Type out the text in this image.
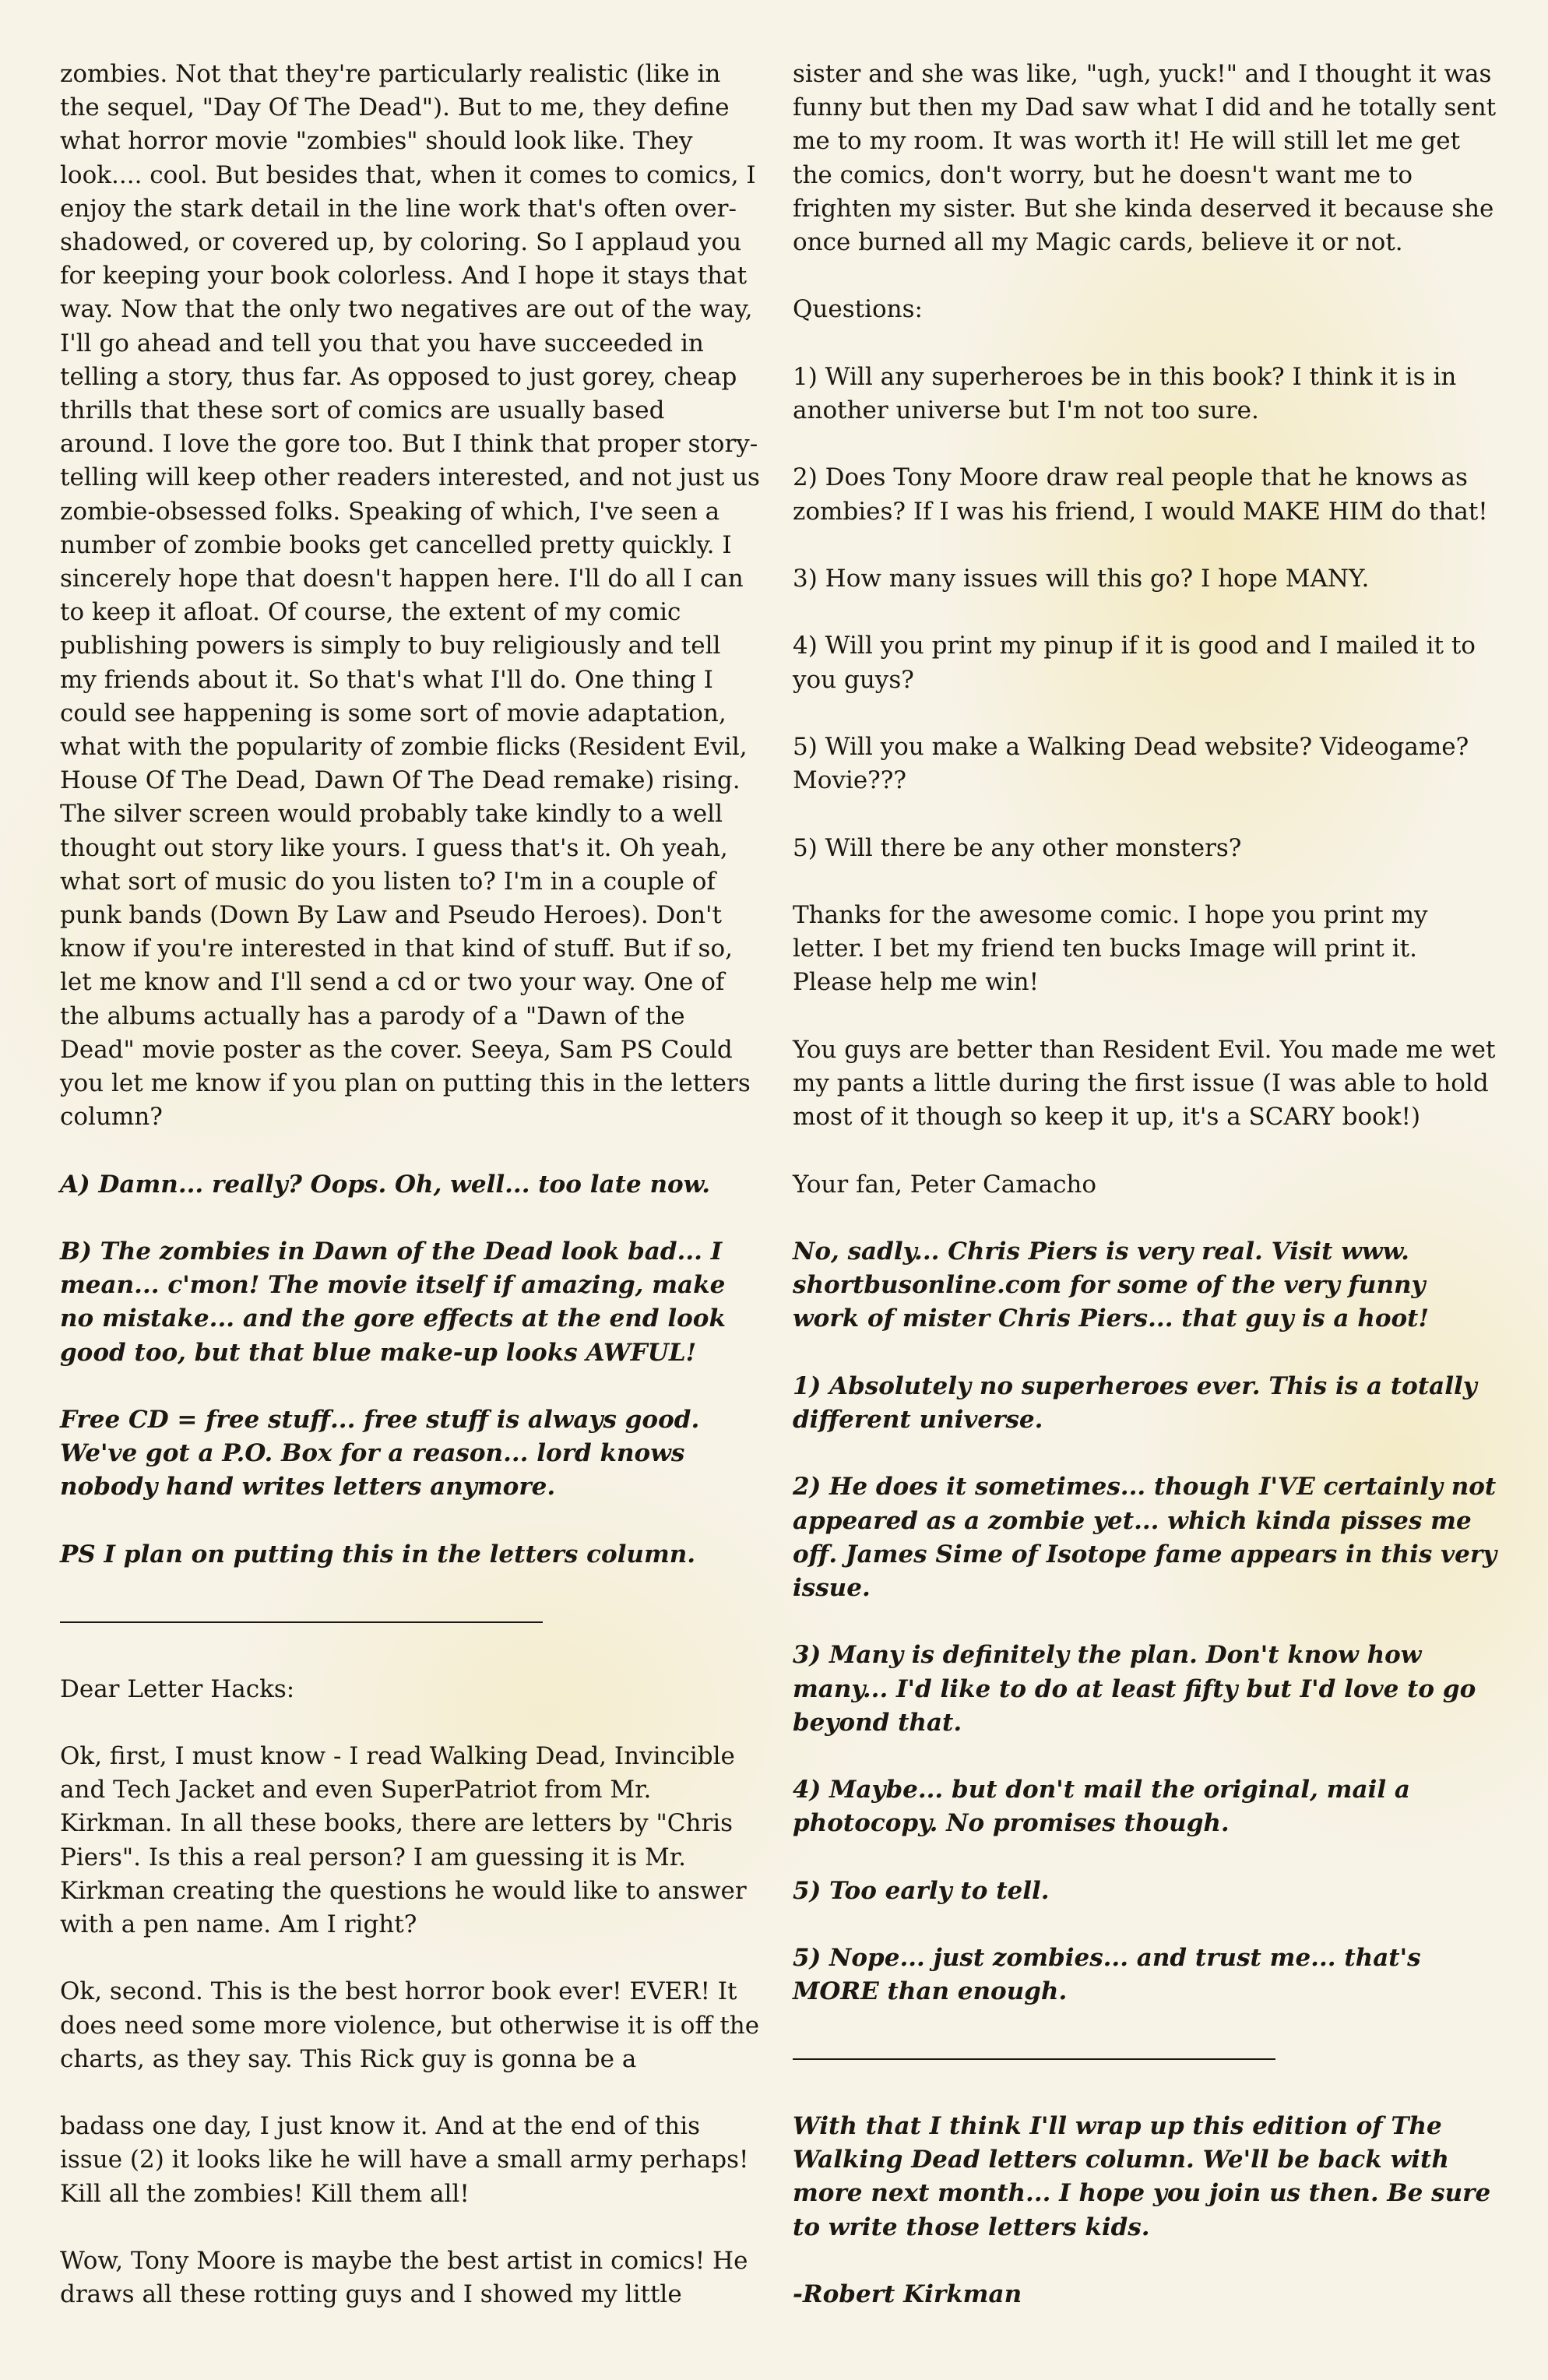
zombies. Not that they're particularly realistic (like in the sequel, "Day Of The Dead"). But to me, they define what horror movie "zombies" should look like. They look.... cool. But besides that, when it comes to comics, I enjoy the stark detail in the line work that's often over-shadowed, or covered up, by coloring. So I applaud you for keeping your book colorless. And I hope it stays that way. Now that the only two negatives are out of the way, I'll go ahead and tell you that you have succeeded in telling a story, thus far. As opposed to just gorey, cheap thrills that these sort of comics are usually based around. I love the gore too. But I think that proper story-telling will keep other readers interested, and not just us zombie-obsessed folks. Speaking of which, I've seen a number of zombie books get cancelled pretty quickly. I sincerely hope that doesn't happen here. I'll do all I can to keep it afloat. Of course, the extent of my comic publishing powers is simply to buy religiously and tell my friends about it. So that's what I'll do. One thing I could see happening is some sort of movie adaptation, what with the popularity of zombie flicks (Resident Evil, House Of The Dead, Dawn Of The Dead remake) rising. The silver screen would probably take kindly to a well thought out story like yours. I guess that's it. Oh yeah, what sort of music do you listen to? I'm in a couple of punk bands (Down By Law and Pseudo Heroes). Don't know if you're interested in that kind of stuff. But if so, let me know and I'll send a cd or two your way. One of the albums actually has a parody of a "Dawn of the Dead" movie poster as the cover. Seeya, Sam PS Could you let me know if you plan on putting this in the letters column?

A) Damn... really? Oops. Oh, well... too late now.

B) The zombies in Dawn of the Dead look bad... I mean... c'mon! The movie itself if amazing, make no mistake... and the gore effects at the end look good too, but that blue make-up looks AWFUL!

Free CD = free stuff... free stuff is always good. We've got a P.O. Box for a reason... lord knows nobody hand writes letters anymore.

PS I plan on putting this in the letters column.

Dear Letter Hacks:

Ok, first, I must know - I read Walking Dead, Invincible and Tech Jacket and even SuperPatriot from Mr. Kirkman. In all these books, there are letters by "Chris Piers". Is this a real person? I am guessing it is Mr. Kirkman creating the questions he would like to answer with a pen name. Am I right?

Ok, second. This is the best horror book ever! EVER! It does need some more violence, but otherwise it is off the charts, as they say. This Rick guy is gonna be a

badass one day, I just know it. And at the end of this issue (2) it looks like he will have a small army perhaps! Kill all the zombies! Kill them all!

Wow, Tony Moore is maybe the best artist in comics! He draws all these rotting guys and I showed my little

sister and she was like, "ugh, yuck!" and I thought it was funny but then my Dad saw what I did and he totally sent me to my room. It was worth it! He will still let me get the comics, don't worry, but he doesn't want me to frighten my sister. But she kinda deserved it because she once burned all my Magic cards, believe it or not.

Questions:

1) Will any superheroes be in this book? I think it is in another universe but I'm not too sure.

2) Does Tony Moore draw real people that he knows as zombies? If I was his friend, I would MAKE HIM do that!

3) How many issues will this go? I hope MANY.

4) Will you print my pinup if it is good and I mailed it to you guys?

5) Will you make a Walking Dead website? Videogame? Movie???

5) Will there be any other monsters?

Thanks for the awesome comic. I hope you print my letter. I bet my friend ten bucks Image will print it. Please help me win!

You guys are better than Resident Evil. You made me wet my pants a little during the first issue (I was able to hold most of it though so keep it up, it's a SCARY book!)

Your fan, Peter Camacho

No, sadly... Chris Piers is very real. Visit www. shortbusonline.com for some of the very funny work of mister Chris Piers... that guy is a hoot!

1) Absolutely no superheroes ever. This is a totally different universe.

2) He does it sometimes... though I'VE certainly not appeared as a zombie yet... which kinda pisses me off. James Sime of Isotope fame appears in this very issue.

3) Many is definitely the plan. Don't know how many... I'd like to do at least fifty but I'd love to go beyond that.

4) Maybe... but don't mail the original, mail a photocopy. No promises though.

5) Too early to tell.

5) Nope... just zombies... and trust me... that's MORE than enough.

With that I think I'll wrap up this edition of The Walking Dead letters column. We'll be back with more next month... I hope you join us then. Be sure to write those letters kids.

-Robert Kirkman
